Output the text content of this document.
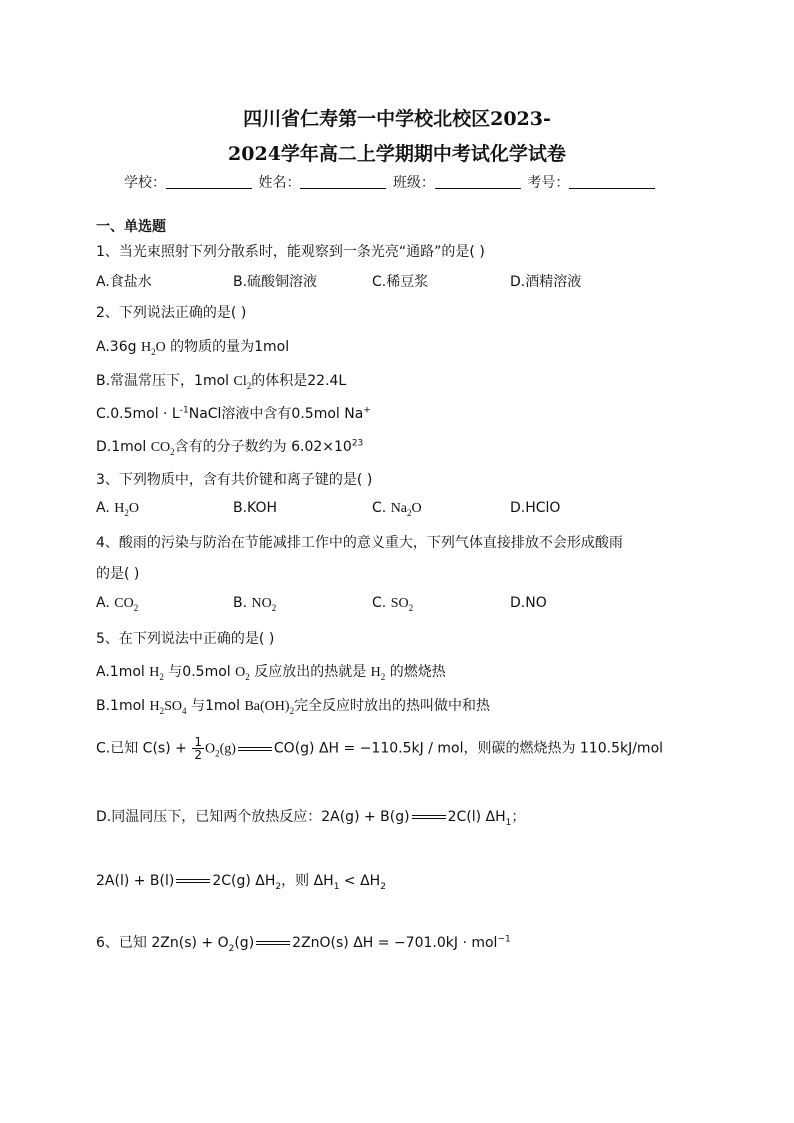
四川省仁寿第一中学校北校区2023-
2024学年高二上学期期中考试化学试卷
学校：	姓名：	班级：	考号：
一、单选题
1、当光束照射下列分散系时，能观察到一条光亮“通路”的是( )
A.食盐水	B.硫酸铜溶液	C.稀豆浆	D.酒精溶液
2、下列说法正确的是( )
A.36g $H_2O$ 的物质的量为1mol
B.常温常压下，1mol $Cl_2$的体积是22.4L
$C.0.5mol \cdot L^{-1}NaCl$溶液中含有0.5mol Na+
D.1mol $CO_2$含有的分子数约为 $6.02\times 10^{23}$
3、下列物质中，含有共价键和离子键的是( )
A. $H_2O$	B.KOH	C. $Na_2O$	D.HClO
4、酸雨的污染与防治在节能减排工作中的意义重大，下列气体直接排放不会形成酸雨
的是( )
A. $CO_2$	B. $NO_2$	C. $SO_2$	D.NO
5、在下列说法中正确的是( )
A.1mol $H_2$ 与0.5mol $O_2$ 反应放出的热就是 $H_2$ 的燃烧热
B.1mol $H_2SO_4$ 与1mol $Ba(OH)_2$完全反应时放出的热叫做中和热
C.已知 $C(s) + \frac{1}{2} O_2(g)$	CO(g) ΔH = −110.5kJ / mol，则碳的燃烧热为 110.5kJ/mol
D.同温同压下，已知两个放热反应：2A(g) + B(g)	2C(l) $\Delta H_1$；
2A(l) + B(l)	2C(g) $\Delta H_2$，则 $\Delta H_1 < \Delta H_2$
6、已知 $2Zn(s) + O_2(g)$	2ZnO(s) ΔH = −701.0kJ · mol$^{-1}$
